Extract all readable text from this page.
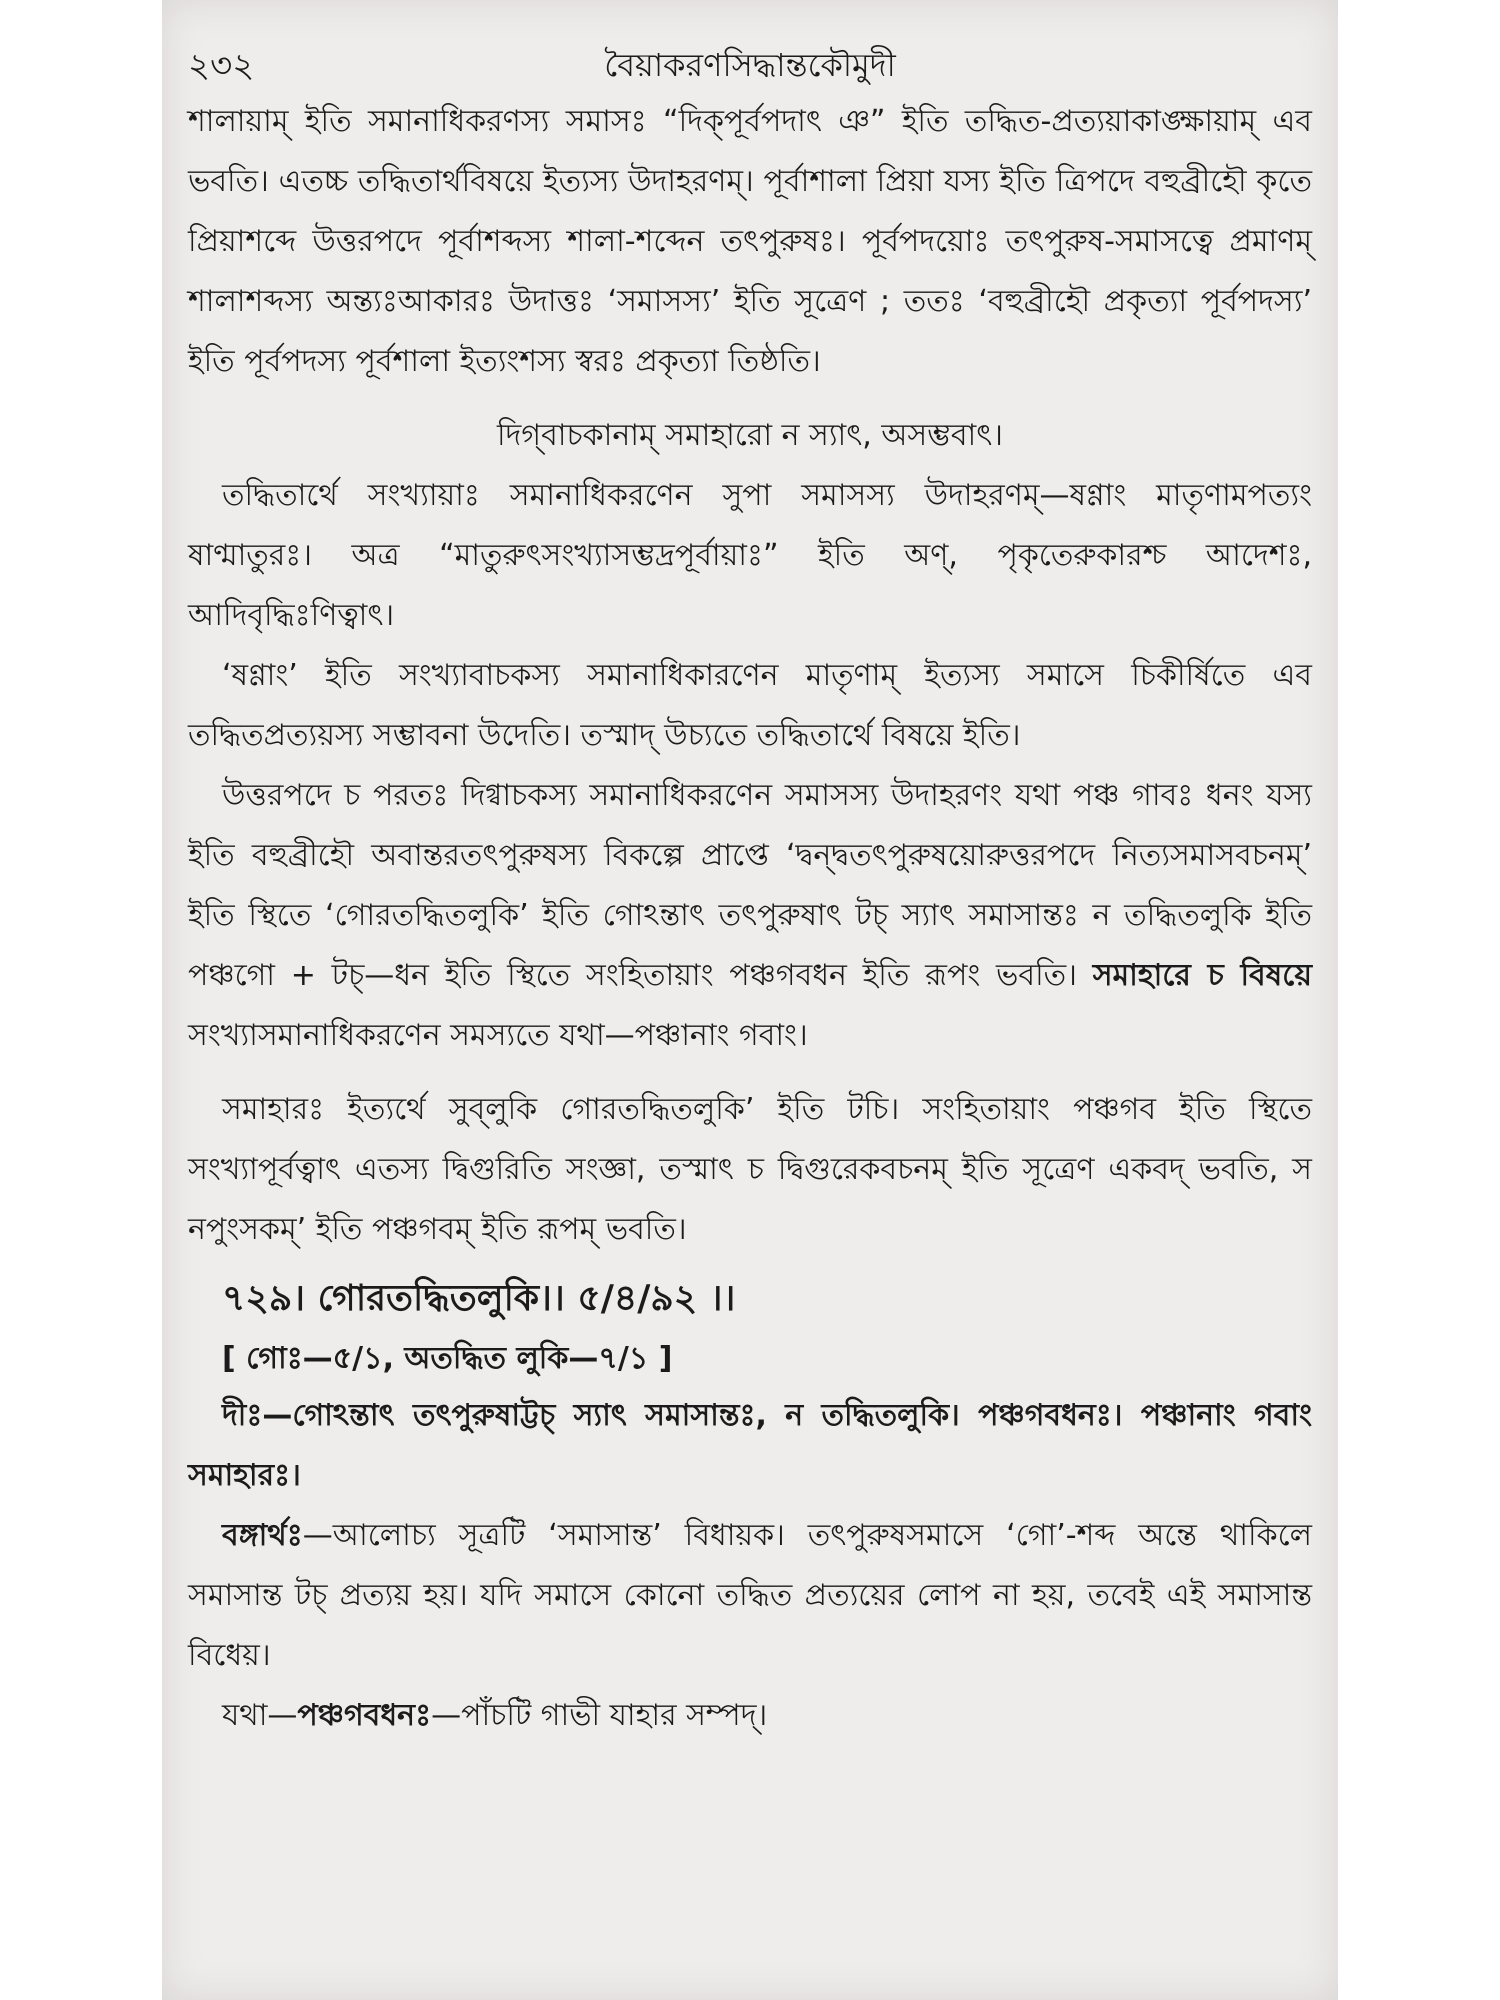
২৩২	বৈয়াকরণসিদ্ধান্তকৌমুদী

শালায়াম্ ইতি সমানাধিকরণস্য সমাসঃ “দিক্‌পূর্বপদাৎ ঞ” ইতি তদ্ধিত-প্রত্যয়াকাঙ্ক্ষায়াম্ এব ভবতি। এতচ্চ তদ্ধিতার্থবিষয়ে ইত্যস্য উদাহরণম্। পূর্বাশালা প্রিয়া যস্য ইতি ত্রিপদে বহুব্রীহৌ কৃতে প্রিয়াশব্দে উত্তরপদে পূর্বাশব্দস্য শালা-শব্দেন তৎপুরুষঃ। পূর্বপদয়োঃ তৎপুরুষ-সমাসত্বে প্রমাণম্ শালাশব্দস্য অন্ত্যঃআকারঃ উদাত্তঃ ‘সমাসস্য’ ইতি সূত্রেণ ; ততঃ ‘বহুব্রীহৌ প্রকৃত্যা পূর্বপদস্য’ ইতি পূর্বপদস্য পূর্বশালা ইত্যংশস্য স্বরঃ প্রকৃত্যা তিষ্ঠতি।

দিগ্‌বাচকানাম্ সমাহারো ন স্যাৎ, অসম্ভবাৎ।

তদ্ধিতার্থে সংখ্যায়াঃ সমানাধিকরণেন সুপা সমাসস্য উদাহরণম্—ষণ্ণাং মাতৃণামপত্যং ষাণ্মাতুরঃ। অত্র “মাতুরুৎসংখ্যাসম্ভদ্রপূর্বায়াঃ” ইতি অণ্, পৃকৃতেরুকারশ্চ আদেশঃ, আদিবৃদ্ধিঃণিত্বাৎ।

‘ষণ্ণাং’ ইতি সংখ্যাবাচকস্য সমানাধিকারণেন মাতৃণাম্ ইত্যস্য সমাসে চিকীর্ষিতে এব তদ্ধিতপ্রত্যয়স্য সম্ভাবনা উদেতি। তস্মাদ্ উচ্যতে তদ্ধিতার্থে বিষয়ে ইতি।

উত্তরপদে চ পরতঃ দিগ্বাচকস্য সমানাধিকরণেন সমাসস্য উদাহরণং যথা পঞ্চ গাবঃ ধনং যস্য ইতি বহুব্রীহৌ অবান্তরতৎপুরুষস্য বিকল্পে প্রাপ্তে ‘দ্বন্দ্বতৎপুরুষয়োরুত্তরপদে নিত্যসমাসবচনম্’ ইতি স্থিতে ‘গোরতদ্ধিতলুকি’ ইতি গোঽন্তাৎ তৎপুরুষাৎ টচ্ স্যাৎ সমাসান্তঃ ন তদ্ধিতলুকি ইতি পঞ্চগো + টচ্—ধন ইতি স্থিতে সংহিতায়াং পঞ্চগবধন ইতি রূপং ভবতি। সমাহারে চ বিষয়ে সংখ্যাসমানাধিকরণেন সমস্যতে যথা—পঞ্চানাং গবাং।

সমাহারঃ ইত্যর্থে সুব্‌লুকি গোরতদ্ধিতলুকি’ ইতি টচি। সংহিতায়াং পঞ্চগব ইতি স্থিতে সংখ্যাপূর্বত্বাৎ এতস্য দ্বিগুরিতি সংজ্ঞা, তস্মাৎ চ দ্বিগুরেকবচনম্ ইতি সূত্রেণ একবদ্ ভবতি, স নপুংসকম্’ ইতি পঞ্চগবম্ ইতি রূপম্ ভবতি।

৭২৯। গোরতদ্ধিতলুকি।। ৫/৪/৯২ ।।
[ গোঃ—৫/১, অতদ্ধিত লুকি—৭/১ ]

দীঃ—গোঽন্তাৎ তৎপুরুষাট্টচ্ স্যাৎ সমাসান্তঃ, ন তদ্ধিতলুকি। পঞ্চগবধনঃ। পঞ্চানাং গবাং সমাহারঃ।

বঙ্গার্থঃ—আলোচ্য সূত্রটি ‘সমাসান্ত’ বিধায়ক। তৎপুরুষসমাসে ‘গো’-শব্দ অন্তে থাকিলে সমাসান্ত টচ্ প্রত্যয় হয়। যদি সমাসে কোনো তদ্ধিত প্রত্যয়ের লোপ না হয়, তবেই এই সমাসান্ত বিধেয়।

যথা—পঞ্চগবধনঃ—পাঁচটি গাভী যাহার সম্পদ্।
